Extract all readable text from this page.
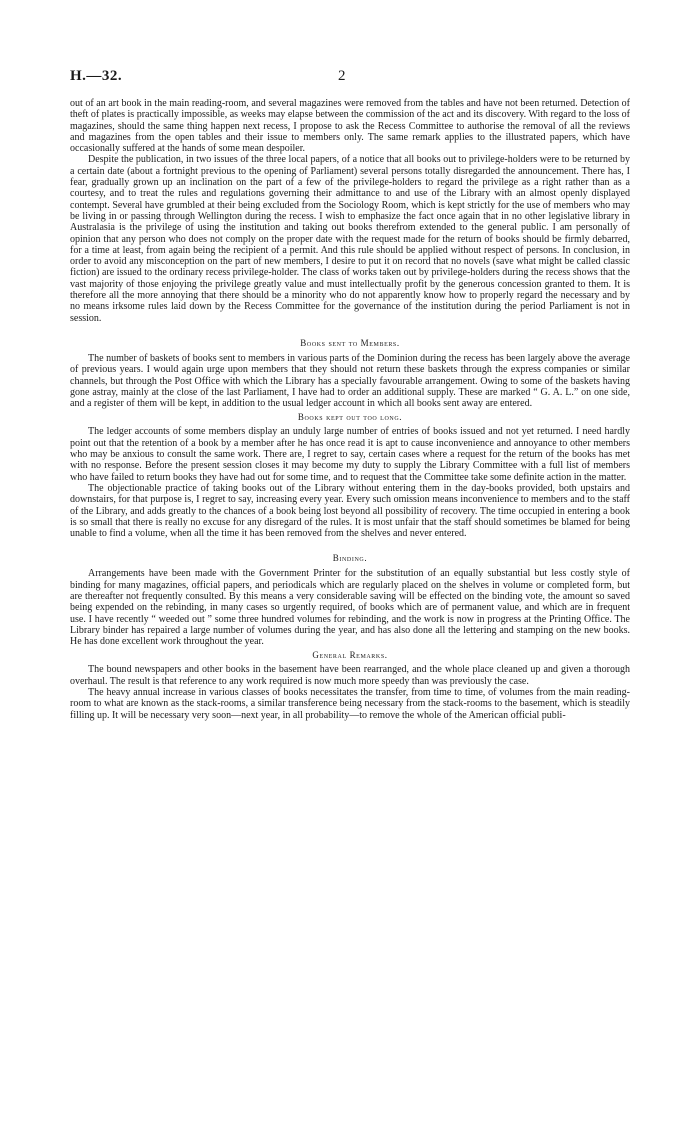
H.—32.	2

out of an art book in the main reading-room, and several magazines were removed from the tables and have not been returned. Detection of theft of plates is practically impossible, as weeks may elapse between the commission of the act and its discovery. With regard to the loss of magazines, should the same thing happen next recess, I propose to ask the Recess Committee to authorise the removal of all the reviews and magazines from the open tables and their issue to members only. The same remark applies to the illustrated papers, which have occasionally suffered at the hands of some mean despoiler.

Despite the publication, in two issues of the three local papers, of a notice that all books out to privilege-holders were to be returned by a certain date (about a fortnight previous to the opening of Parliament) several persons totally disregarded the announcement. There has, I fear, gradually grown up an inclination on the part of a few of the privilege-holders to regard the privilege as a right rather than as a courtesy, and to treat the rules and regulations governing their admittance to and use of the Library with an almost openly displayed contempt. Several have grumbled at their being excluded from the Sociology Room, which is kept strictly for the use of members who may be living in or passing through Wellington during the recess. I wish to emphasize the fact once again that in no other legislative library in Australasia is the privilege of using the institution and taking out books therefrom extended to the general public. I am personally of opinion that any person who does not comply on the proper date with the request made for the return of books should be firmly debarred, for a time at least, from again being the recipient of a permit. And this rule should be applied without respect of persons. In conclusion, in order to avoid any misconception on the part of new members, I desire to put it on record that no novels (save what might be called classic fiction) are issued to the ordinary recess privilege-holder. The class of works taken out by privilege-holders during the recess shows that the vast majority of those enjoying the privilege greatly value and must intellectually profit by the generous concession granted to them. It is therefore all the more annoying that there should be a minority who do not apparently know how to properly regard the necessary and by no means irksome rules laid down by the Recess Committee for the governance of the institution during the period Parliament is not in session.

Books sent to Members.

The number of baskets of books sent to members in various parts of the Dominion during the recess has been largely above the average of previous years. I would again urge upon members that they should not return these baskets through the express companies or similar channels, but through the Post Office with which the Library has a specially favourable arrangement. Owing to some of the baskets having gone astray, mainly at the close of the last Parliament, I have had to order an additional supply. These are marked “ G. A. L.” on one side, and a register of them will be kept, in addition to the usual ledger account in which all books sent away are entered.

Books kept out too long.

The ledger accounts of some members display an unduly large number of entries of books issued and not yet returned. I need hardly point out that the retention of a book by a member after he has once read it is apt to cause inconvenience and annoyance to other members who may be anxious to consult the same work. There are, I regret to say, certain cases where a request for the return of the books has met with no response. Before the present session closes it may become my duty to supply the Library Committee with a full list of members who have failed to return books they have had out for some time, and to request that the Committee take some definite action in the matter.

The objectionable practice of taking books out of the Library without entering them in the day-books provided, both upstairs and downstairs, for that purpose is, I regret to say, increasing every year. Every such omission means inconvenience to members and to the staff of the Library, and adds greatly to the chances of a book being lost beyond all possibility of recovery. The time occupied in entering a book is so small that there is really no excuse for any disregard of the rules. It is most unfair that the staff should sometimes be blamed for being unable to find a volume, when all the time it has been removed from the shelves and never entered.

Binding.

Arrangements have been made with the Government Printer for the substitution of an equally substantial but less costly style of binding for many magazines, official papers, and periodicals which are regularly placed on the shelves in volume or completed form, but are thereafter not frequently consulted. By this means a very considerable saving will be effected on the binding vote, the amount so saved being expended on the rebinding, in many cases so urgently required, of books which are of permanent value, and which are in frequent use. I have recently “ weeded out ” some three hundred volumes for rebinding, and the work is now in progress at the Printing Office. The Library binder has repaired a large number of volumes during the year, and has also done all the lettering and stamping on the new books. He has done excellent work throughout the year.

General Remarks.

The bound newspapers and other books in the basement have been rearranged, and the whole place cleaned up and given a thorough overhaul. The result is that reference to any work required is now much more speedy than was previously the case.

The heavy annual increase in various classes of books necessitates the transfer, from time to time, of volumes from the main reading-room to what are known as the stack-rooms, a similar transference being necessary from the stack-rooms to the basement, which is steadily filling up. It will be necessary very soon—next year, in all probability—to remove the whole of the American official publi-
